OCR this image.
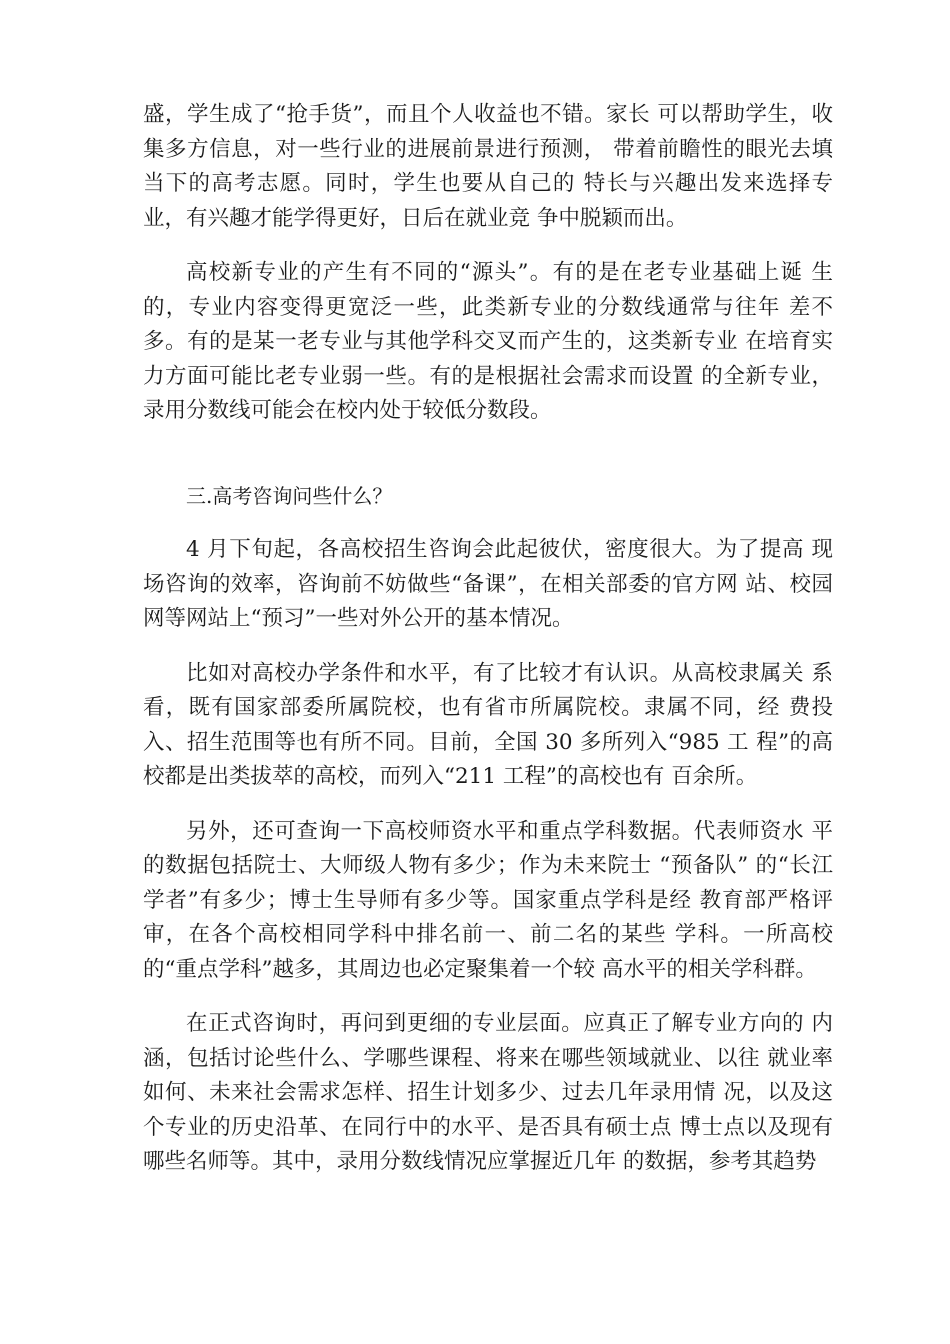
盛，学生成了“抢手货”，而且个人收益也不错。家长 可以帮助学生，收集多方信息，对一些行业的进展前景进行预测， 带着前瞻性的眼光去填当下的高考志愿。同时，学生也要从自己的 特长与兴趣出发来选择专业，有兴趣才能学得更好，日后在就业竞 争中脱颖而出。

高校新专业的产生有不同的“源头”。有的是在老专业基础上诞 生的，专业内容变得更宽泛一些，此类新专业的分数线通常与往年 差不多。有的是某一老专业与其他学科交叉而产生的，这类新专业 在培育实力方面可能比老专业弱一些。有的是根据社会需求而设置 的全新专业，录用分数线可能会在校内处于较低分数段。

三.高考咨询问些什么？

4 月下旬起，各高校招生咨询会此起彼伏，密度很大。为了提高 现场咨询的效率，咨询前不妨做些“备课”，在相关部委的官方网 站、校园网等网站上“预习”一些对外公开的基本情况。

比如对高校办学条件和水平，有了比较才有认识。从高校隶属关 系看，既有国家部委所属院校，也有省市所属院校。隶属不同，经 费投入、招生范围等也有所不同。目前，全国 30 多所列入“985 工 程”的高校都是出类拔萃的高校，而列入“211 工程”的高校也有 百余所。

另外，还可查询一下高校师资水平和重点学科数据。代表师资水 平的数据包括院士、大师级人物有多少；作为未来院士 “预备队” 的“长江学者”有多少；博士生导师有多少等。国家重点学科是经 教育部严格评审，在各个高校相同学科中排名前一、前二名的某些 学科。一所高校的“重点学科”越多，其周边也必定聚集着一个较 高水平的相关学科群。

在正式咨询时，再问到更细的专业层面。应真正了解专业方向的 内涵，包括讨论些什么、学哪些课程、将来在哪些领域就业、以往 就业率如何、未来社会需求怎样、招生计划多少、过去几年录用情 况，以及这个专业的历史沿革、在同行中的水平、是否具有硕士点 博士点以及现有哪些名师等。其中，录用分数线情况应掌握近几年 的数据，参考其趋势
